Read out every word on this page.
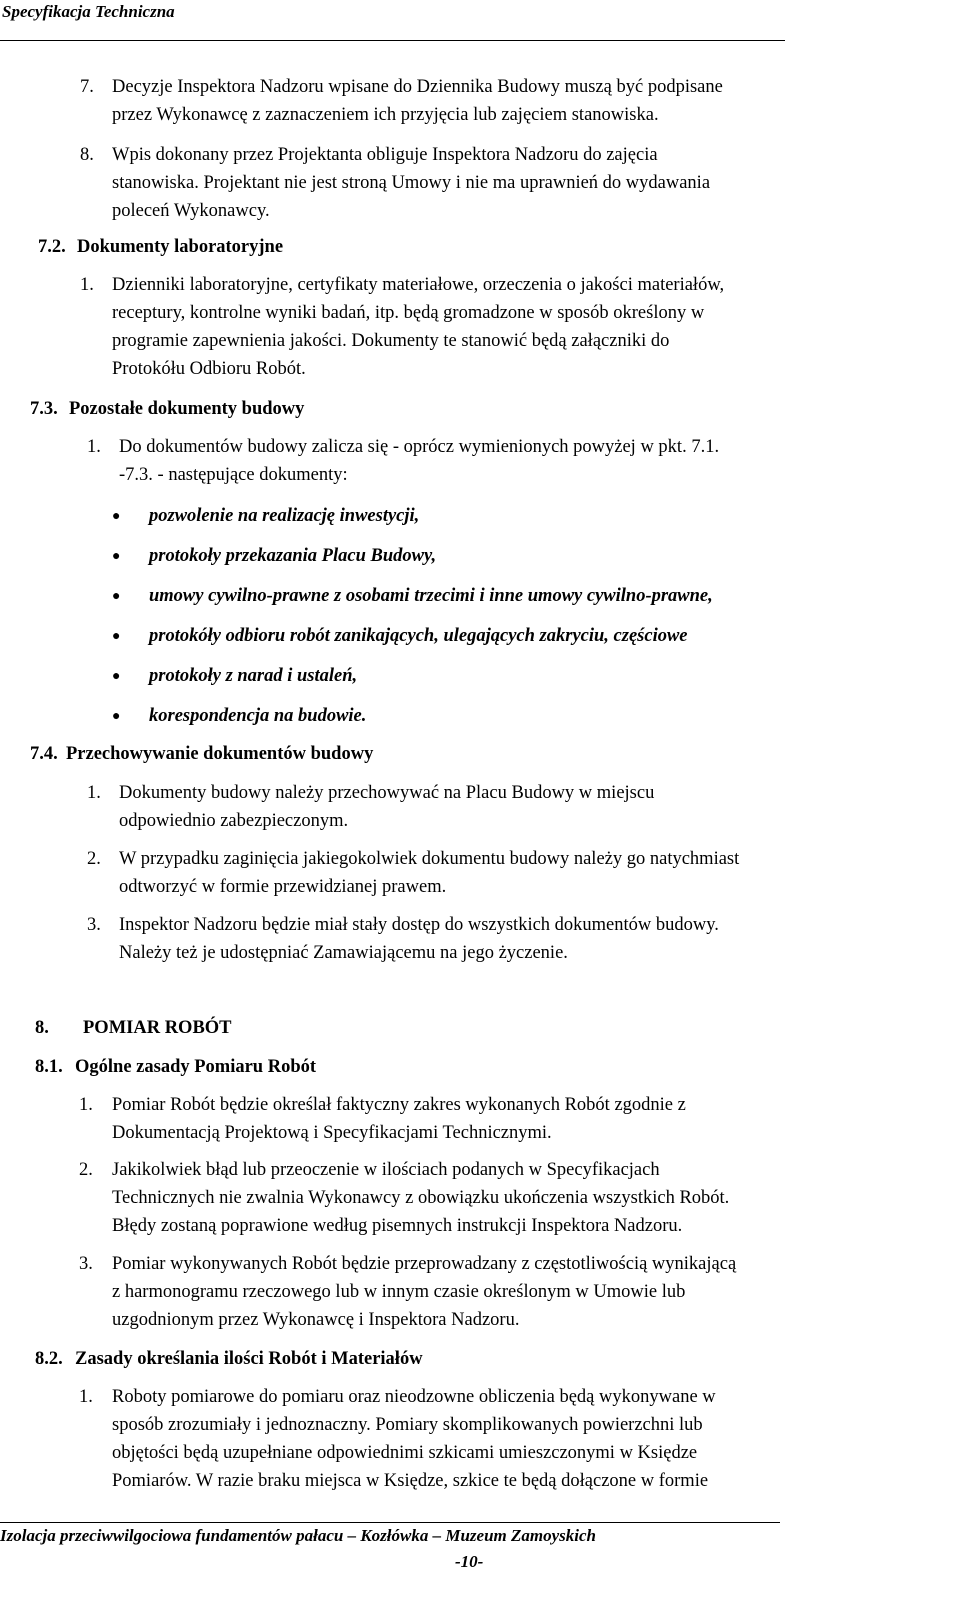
Specyfikacja Techniczna
7. Decyzje Inspektora Nadzoru wpisane do Dziennika Budowy muszą być podpisane
przez Wykonawcę z zaznaczeniem ich przyjęcia lub zajęciem stanowiska.
8. Wpis dokonany przez Projektanta obliguje Inspektora Nadzoru do zajęcia
stanowiska. Projektant nie jest stroną Umowy i nie ma uprawnień do wydawania
poleceń Wykonawcy.
7.2. Dokumenty laboratoryjne
1. Dzienniki laboratoryjne, certyfikaty materiałowe, orzeczenia o jakości materiałów,
receptury, kontrolne wyniki badań, itp. będą gromadzone w sposób określony w
programie zapewnienia jakości. Dokumenty te stanowić będą załączniki do
Protokółu Odbioru Robót.
7.3. Pozostałe dokumenty budowy
1. Do dokumentów budowy zalicza się - oprócz wymienionych powyżej w pkt. 7.1.
-7.3. - następujące dokumenty:
● pozwolenie na realizację inwestycji,
● protokoły przekazania Placu Budowy,
● umowy cywilno-prawne z osobami trzecimi i inne umowy cywilno-prawne,
● protokóły odbioru robót zanikających, ulegających zakryciu, częściowe
● protokoły z narad i ustaleń,
● korespondencja na budowie.
7.4. Przechowywanie dokumentów budowy
1. Dokumenty budowy należy przechowywać na Placu Budowy w miejscu
odpowiednio zabezpieczonym.
2. W przypadku zaginięcia jakiegokolwiek dokumentu budowy należy go natychmiast
odtworzyć w formie przewidzianej prawem.
3. Inspektor Nadzoru będzie miał stały dostęp do wszystkich dokumentów budowy.
Należy też je udostępniać Zamawiającemu na jego życzenie.
8. POMIAR ROBÓT
8.1. Ogólne zasady Pomiaru Robót
1. Pomiar Robót będzie określał faktyczny zakres wykonanych Robót zgodnie z
Dokumentacją Projektową i Specyfikacjami Technicznymi.
2. Jakikolwiek błąd lub przeoczenie w ilościach podanych w Specyfikacjach
Technicznych nie zwalnia Wykonawcy z obowiązku ukończenia wszystkich Robót.
Błędy zostaną poprawione według pisemnych instrukcji Inspektora Nadzoru.
3. Pomiar wykonywanych Robót będzie przeprowadzany z częstotliwością wynikającą
z harmonogramu rzeczowego lub w innym czasie określonym w Umowie lub
uzgodnionym przez Wykonawcę i Inspektora Nadzoru.
8.2. Zasady określania ilości Robót i Materiałów
1. Roboty pomiarowe do pomiaru oraz nieodzowne obliczenia będą wykonywane w
sposób zrozumiały i jednoznaczny. Pomiary skomplikowanych powierzchni lub
objętości będą uzupełniane odpowiednimi szkicami umieszczonymi w Księdze
Pomiarów. W razie braku miejsca w Księdze, szkice te będą dołączone w formie
Izolacja przeciwwilgociowa fundamentów pałacu – Kozłówka – Muzeum Zamoyskich
-10-
